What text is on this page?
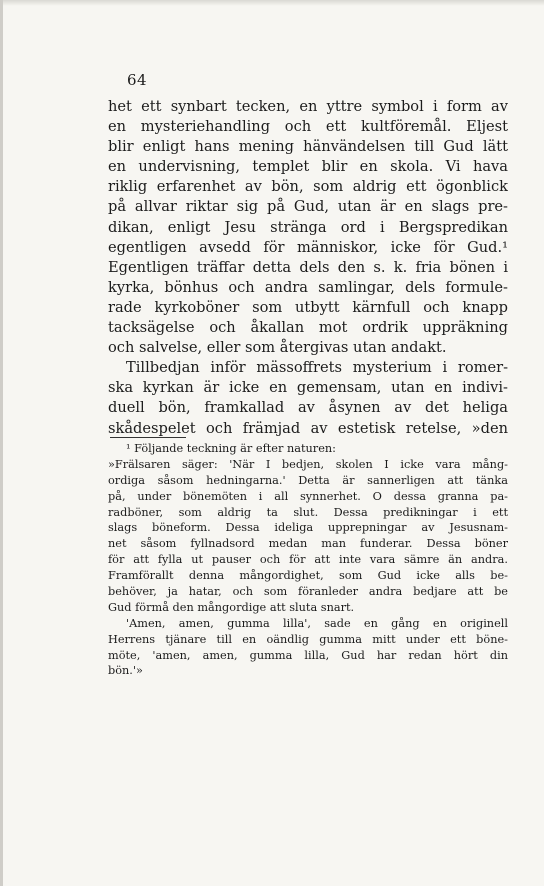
64
het ett synbart tecken, en yttre symbol i form av
en mysteriehandling och ett kultföremål. Eljest
blir enligt hans mening hänvändelsen till Gud lätt
en undervisning, templet blir en skola. Vi hava
riklig erfarenhet av bön, som aldrig ett ögonblick
på allvar riktar sig på Gud, utan är en slags pre-
dikan, enligt Jesu stränga ord i Bergspredikan
egentligen avsedd för människor, icke för Gud.¹
Egentligen träffar detta dels den s. k. fria bönen i
kyrka, bönhus och andra samlingar, dels formule-
rade kyrkoböner som utbytt kärnfull och knapp
tacksägelse och åkallan mot ordrik uppräkning
och salvelse, eller som återgivas utan andakt.
Tillbedjan inför mässoffrets mysterium i romer-
ska kyrkan är icke en gemensam, utan en indivi-
duell bön, framkallad av åsynen av det heliga
skådespelet och främjad av estetisk retelse, »den
¹ Följande teckning är efter naturen:
»Frälsaren säger: 'När I bedjen, skolen I icke vara mång-
ordiga såsom hedningarna.' Detta är sannerligen att tänka
på, under bönemöten i all synnerhet. O dessa granna pa-
radböner, som aldrig ta slut. Dessa predikningar i ett
slags böneform. Dessa ideliga upprepningar av Jesusnam-
net såsom fyllnadsord medan man funderar. Dessa böner
för att fylla ut pauser och för att inte vara sämre än andra.
Framförallt denna mångordighet, som Gud icke alls be-
behöver, ja hatar, och som föranleder andra bedjare att be
Gud förmå den mångordige att sluta snart.
'Amen, amen, gumma lilla', sade en gång en originell
Herrens tjänare till en oändlig gumma mitt under ett böne-
möte, 'amen, amen, gumma lilla, Gud har redan hört din
bön.'»
